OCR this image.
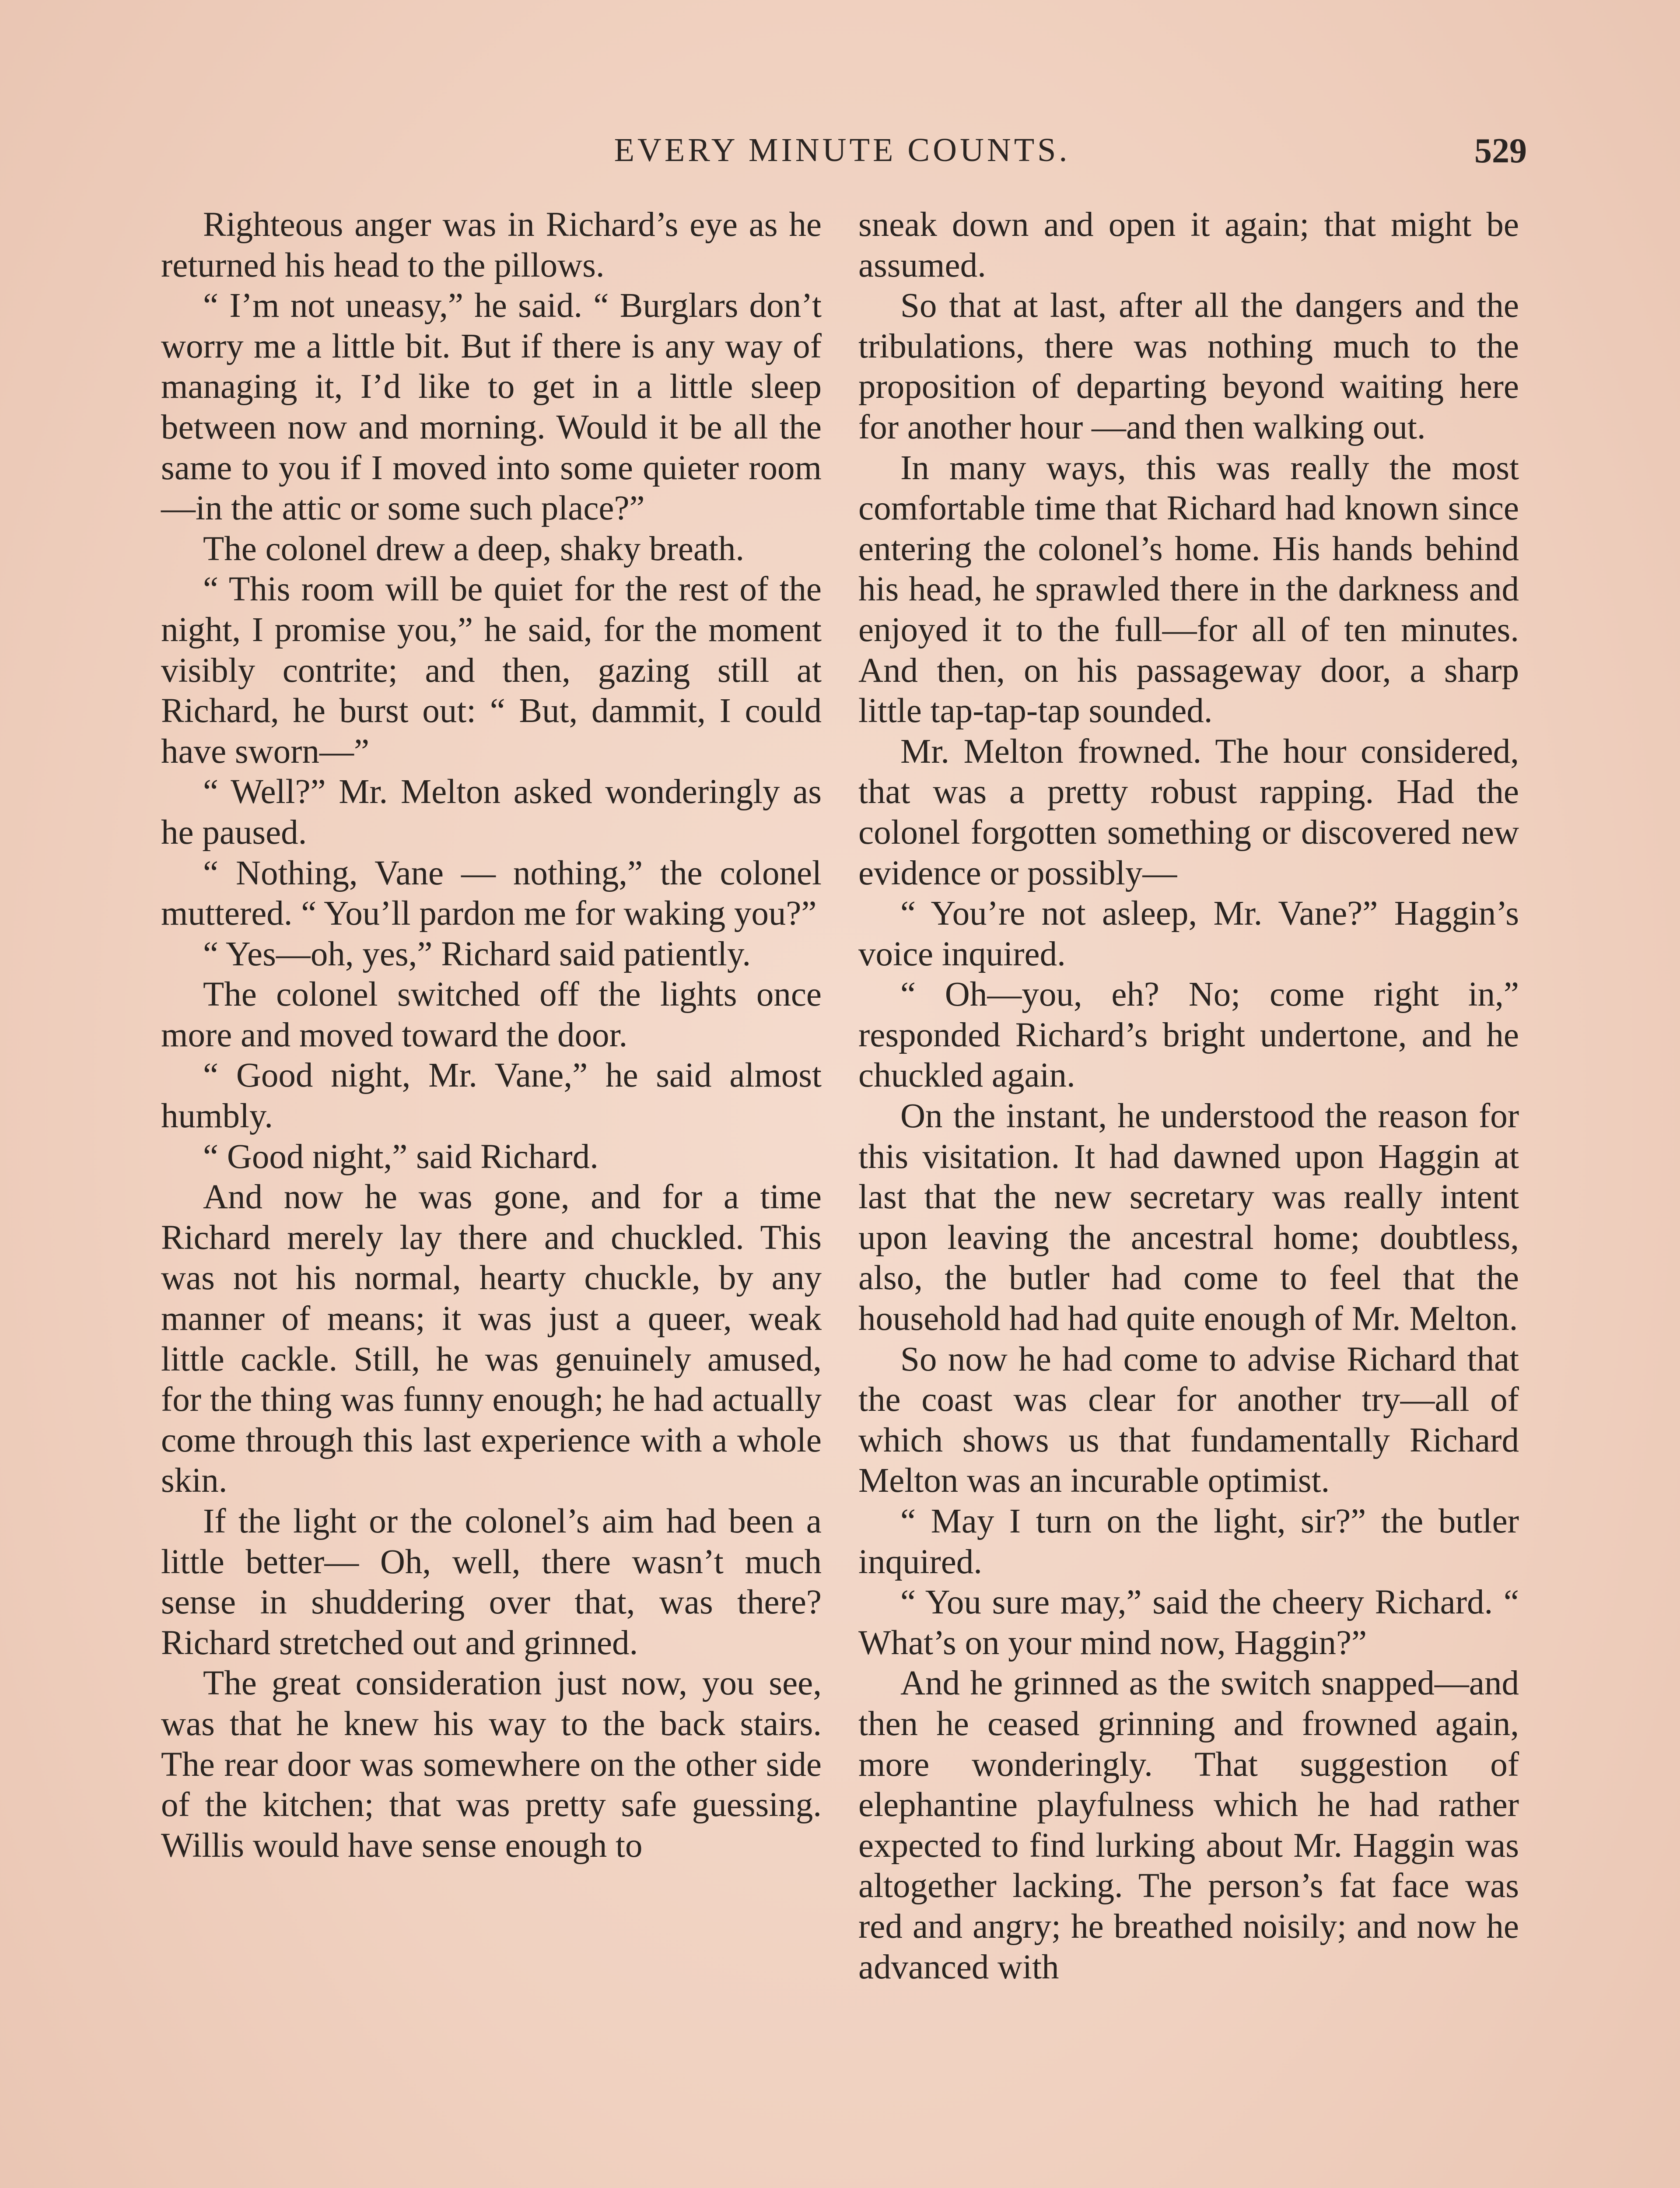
EVERY MINUTE COUNTS.	529

Righteous anger was in Richard’s eye as he returned his head to the pillows.

“ I’m not uneasy,” he said. “ Burglars don’t worry me a little bit. But if there is any way of managing it, I’d like to get in a little sleep between now and morning. Would it be all the same to you if I moved into some quieter room—in the attic or some such place?”

The colonel drew a deep, shaky breath.

“ This room will be quiet for the rest of the night, I promise you,” he said, for the moment visibly contrite; and then, gazing still at Richard, he burst out: “ But, dammit, I could have sworn—”

“ Well?” Mr. Melton asked wonderingly as he paused.

“ Nothing, Vane — nothing,” the colonel muttered. “ You’ll pardon me for waking you?”

“ Yes—oh, yes,” Richard said patiently.

The colonel switched off the lights once more and moved toward the door.

“ Good night, Mr. Vane,” he said almost humbly.

“ Good night,” said Richard.

And now he was gone, and for a time Richard merely lay there and chuckled. This was not his normal, hearty chuckle, by any manner of means; it was just a queer, weak little cackle. Still, he was genuinely amused, for the thing was funny enough; he had actually come through this last experience with a whole skin.

If the light or the colonel’s aim had been a little better— Oh, well, there wasn’t much sense in shuddering over that, was there? Richard stretched out and grinned.

The great consideration just now, you see, was that he knew his way to the back stairs. The rear door was somewhere on the other side of the kitchen; that was pretty safe guessing. Willis would have sense enough to

sneak down and open it again; that might be assumed.

So that at last, after all the dangers and the tribulations, there was nothing much to the proposition of departing beyond waiting here for another hour —and then walking out.

In many ways, this was really the most comfortable time that Richard had known since entering the colonel’s home. His hands behind his head, he sprawled there in the darkness and enjoyed it to the full—for all of ten minutes. And then, on his passageway door, a sharp little tap-tap-tap sounded.

Mr. Melton frowned. The hour considered, that was a pretty robust rapping. Had the colonel forgotten something or discovered new evidence or possibly—

“ You’re not asleep, Mr. Vane?” Haggin’s voice inquired.

“ Oh—you, eh? No; come right in,” responded Richard’s bright undertone, and he chuckled again.

On the instant, he understood the reason for this visitation. It had dawned upon Haggin at last that the new secretary was really intent upon leaving the ancestral home; doubtless, also, the butler had come to feel that the household had had quite enough of Mr. Melton.

So now he had come to advise Richard that the coast was clear for another try—all of which shows us that fundamentally Richard Melton was an incurable optimist.

“ May I turn on the light, sir?” the butler inquired.

“ You sure may,” said the cheery Richard. “ What’s on your mind now, Haggin?”

And he grinned as the switch snapped—and then he ceased grinning and frowned again, more wonderingly. That suggestion of elephantine playfulness which he had rather expected to find lurking about Mr. Haggin was altogether lacking. The person’s fat face was red and angry; he breathed noisily; and now he advanced with
